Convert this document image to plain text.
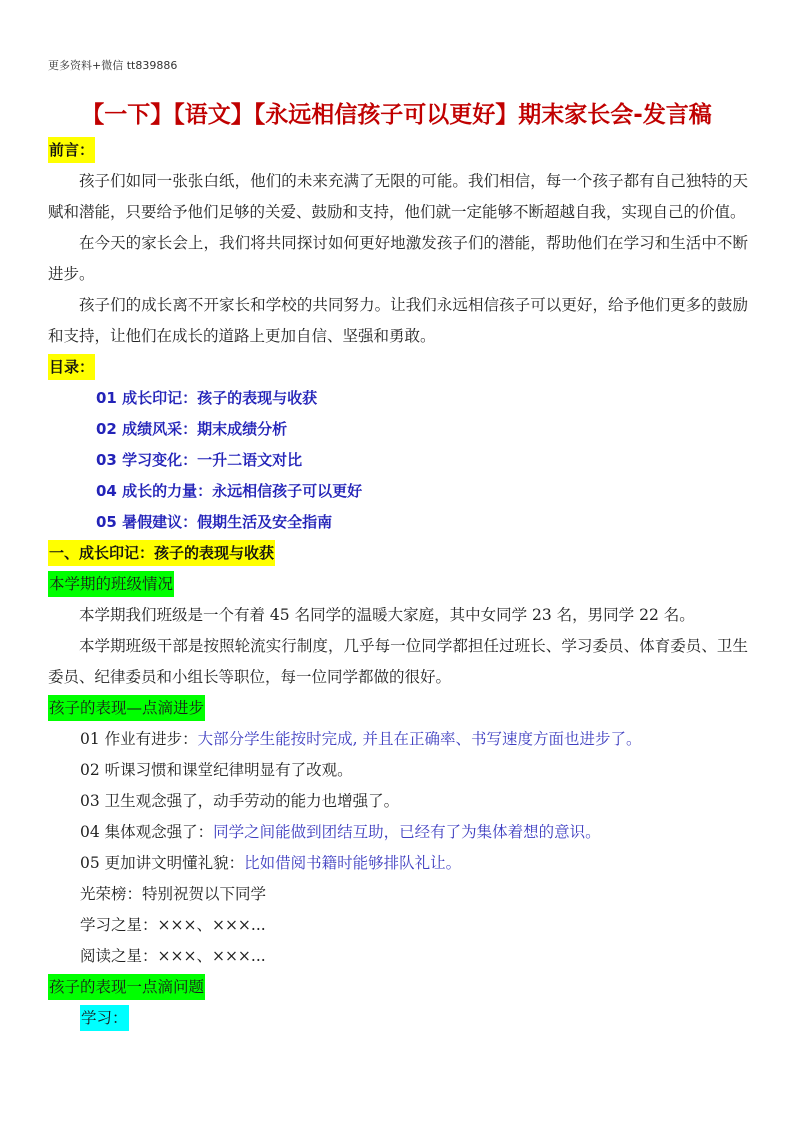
更多资料+微信 tt839886
【一下】【语文】【永远相信孩子可以更好】期末家长会-发言稿
前言：

孩子们如同一张张白纸，他们的未来充满了无限的可能。我们相信，每一个孩子都有自己独特的天赋和潜能，只要给予他们足够的关爱、鼓励和支持，他们就一定能够不断超越自我，实现自己的价值。

在今天的家长会上，我们将共同探讨如何更好地激发孩子们的潜能，帮助他们在学习和生活中不断进步。

孩子们的成长离不开家长和学校的共同努力。让我们永远相信孩子可以更好，给予他们更多的鼓励和支持，让他们在成长的道路上更加自信、坚强和勇敢。

目录：
01 成长印记：孩子的表现与收获
02 成绩风采：期末成绩分析
03 学习变化：一升二语文对比
04 成长的力量：永远相信孩子可以更好
05 暑假建议：假期生活及安全指南
一、成长印记：孩子的表现与收获
本学期的班级情况

本学期我们班级是一个有着 45 名同学的温暖大家庭，其中女同学 23 名，男同学 22 名。

本学期班级干部是按照轮流实行制度，几乎每一位同学都担任过班长、学习委员、体育委员、卫生委员、纪律委员和小组长等职位，每一位同学都做的很好。

孩子的表现—点滴进步
01 作业有进步：大部分学生能按时完成, 并且在正确率、书写速度方面也进步了。
02 听课习惯和课堂纪律明显有了改观。
03 卫生观念强了，动手劳动的能力也增强了。
04 集体观念强了：同学之间能做到团结互助，已经有了为集体着想的意识。
05 更加讲文明懂礼貌：比如借阅书籍时能够排队礼让。
光荣榜：特别祝贺以下同学
学习之星：×××、×××...
阅读之星：×××、×××...
孩子的表现一点滴问题
学习：
